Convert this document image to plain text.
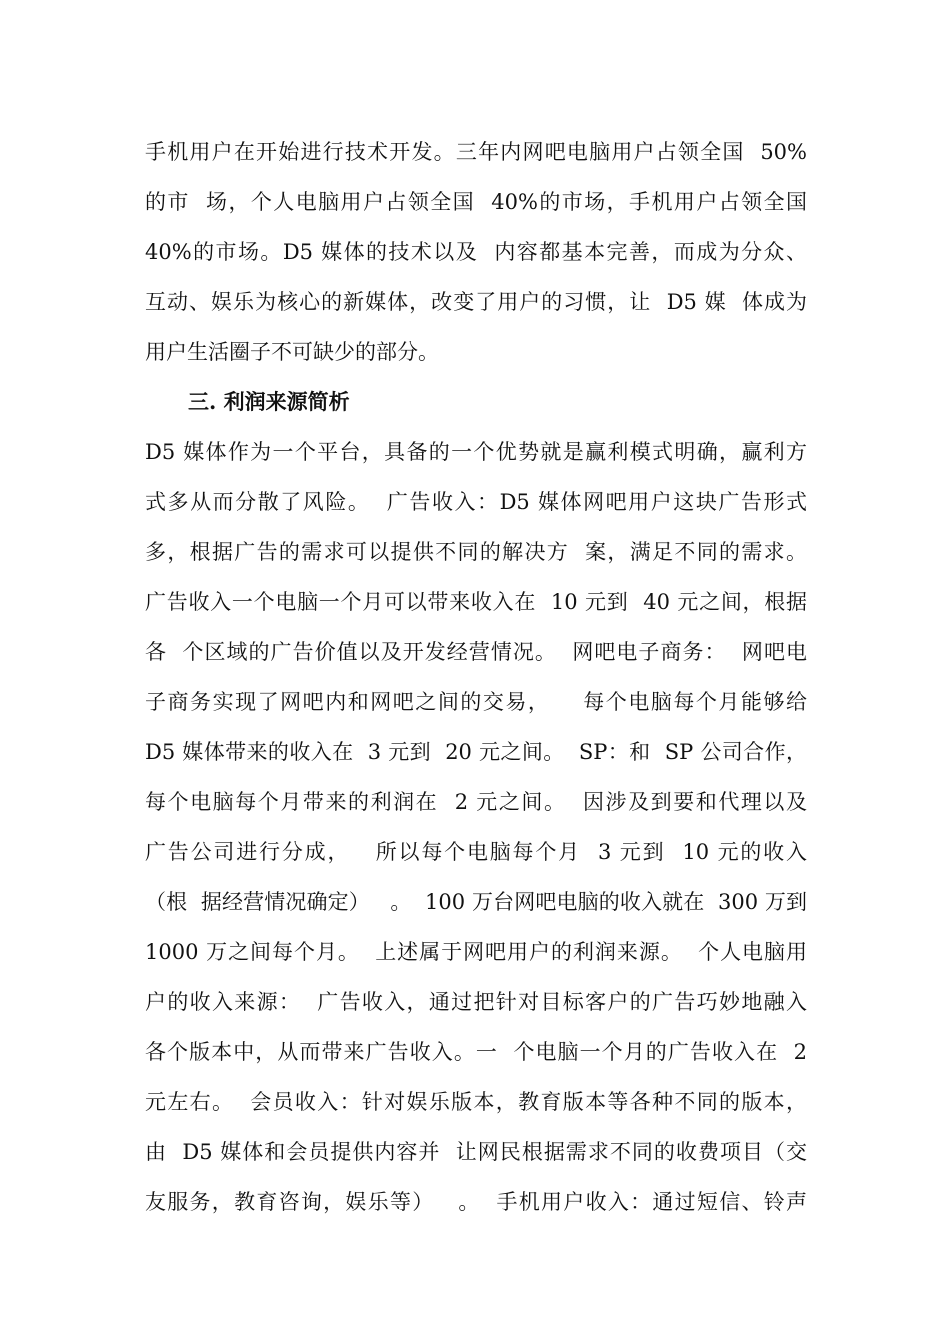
手机用户在开始进行技术开发。三年内网吧电脑用户占领全国  50%
的市  场，个人电脑用户占领全国  40%的市场，手机用户占领全国
40%的市场。D5 媒体的技术以及  内容都基本完善，而成为分众、
互动、娱乐为核心的新媒体，改变了用户的习惯，让  D5 媒  体成为
用户生活圈子不可缺少的部分。
三. 利润来源简析
D5 媒体作为一个平台，具备的一个优势就是赢利模式明确，赢利方
式多从而分散了风险。  广告收入：D5 媒体网吧用户这块广告形式
多，根据广告的需求可以提供不同的解决方  案，满足不同的需求。
广告收入一个电脑一个月可以带来收入在  10 元到  40 元之间，根据
各  个区域的广告价值以及开发经营情况。  网吧电子商务：  网吧电
子商务实现了网吧内和网吧之间的交易，    每个电脑每个月能够给
D5 媒体带来的收入在  3 元到  20 元之间。  SP：和  SP 公司合作，
每个电脑每个月带来的利润在  2 元之间。  因涉及到要和代理以及
广告公司进行分成，   所以每个电脑每个月  3 元到  10 元的收入
（根  据经营情况确定）   。  100 万台网吧电脑的收入就在  300 万到
1000 万之间每个月。  上述属于网吧用户的利润来源。  个人电脑用
户的收入来源：  广告收入，通过把针对目标客户的广告巧妙地融入
各个版本中，从而带来广告收入。一  个电脑一个月的广告收入在  2
元左右。  会员收入：针对娱乐版本，教育版本等各种不同的版本，
由  D5 媒体和会员提供内容并  让网民根据需求不同的收费项目（交
友服务，教育咨询，娱乐等）   。  手机用户收入：通过短信、铃声
